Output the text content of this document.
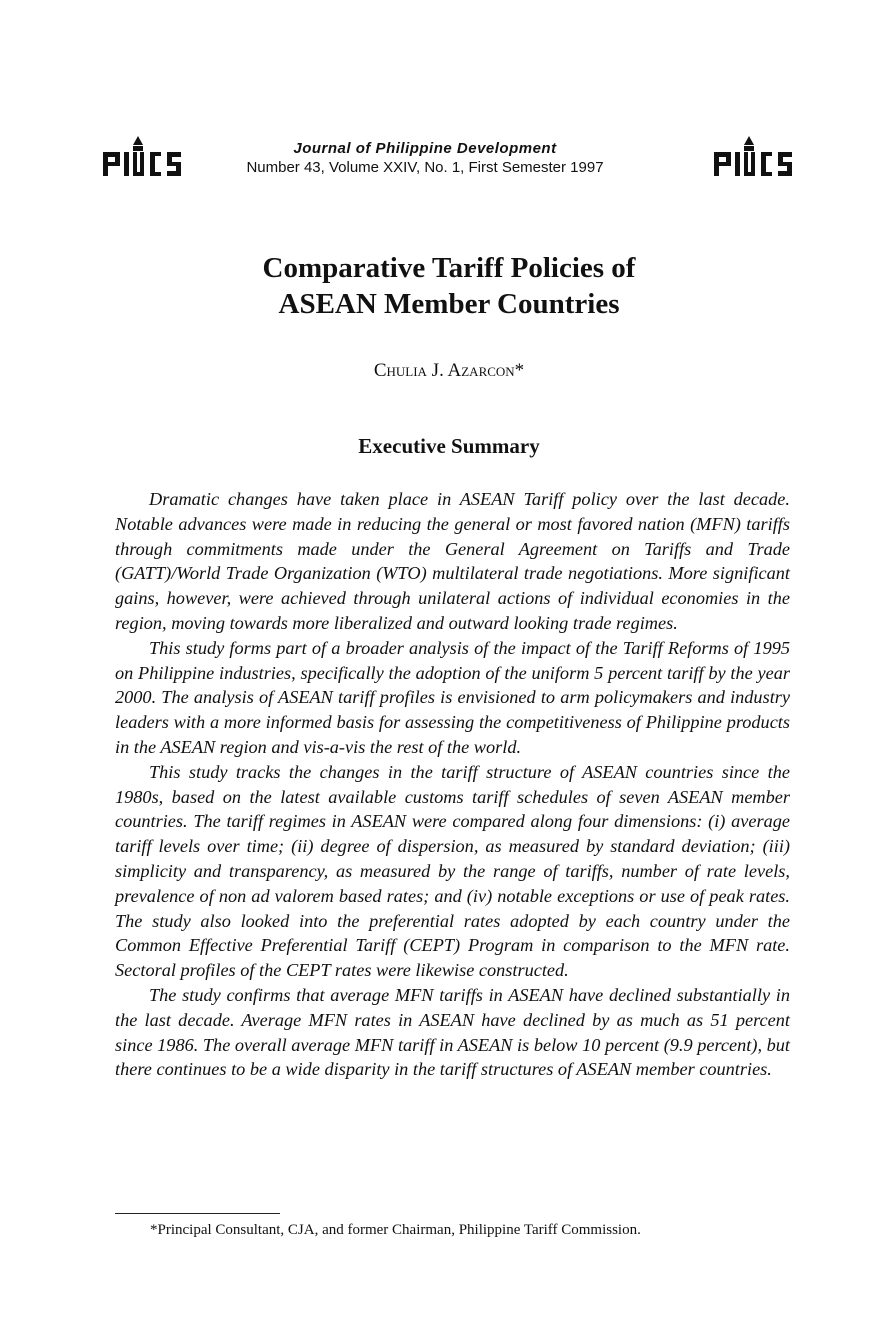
Journal of Philippine Development
Number 43, Volume XXIV, No. 1, First Semester 1997
Comparative Tariff Policies of
ASEAN Member Countries
Chulia J. Azarcon*
Executive Summary

Dramatic changes have taken place in ASEAN Tariff policy over the last decade. Notable advances were made in reducing the general or most favored nation (MFN) tariffs through commitments made under the General Agreement on Tariffs and Trade (GATT)/World Trade Organization (WTO) multilateral trade negotiations. More significant gains, however, were achieved through unilateral actions of individual economies in the region, moving towards more liberalized and outward looking trade regimes.

This study forms part of a broader analysis of the impact of the Tariff Reforms of 1995 on Philippine industries, specifically the adoption of the uniform 5 percent tariff by the year 2000. The analysis of ASEAN tariff profiles is envisioned to arm policymakers and industry leaders with a more informed basis for assessing the competitiveness of Philippine products in the ASEAN region and vis-a-vis the rest of the world.

This study tracks the changes in the tariff structure of ASEAN countries since the 1980s, based on the latest available customs tariff schedules of seven ASEAN member countries. The tariff regimes in ASEAN were compared along four dimensions: (i) average tariff levels over time; (ii) degree of dispersion, as measured by standard deviation; (iii) simplicity and transparency, as measured by the range of tariffs, number of rate levels, prevalence of non ad valorem based rates; and (iv) notable exceptions or use of peak rates. The study also looked into the preferential rates adopted by each country under the Common Effective Preferential Tariff (CEPT) Program in comparison to the MFN rate. Sectoral profiles of the CEPT rates were likewise constructed.

The study confirms that average MFN tariffs in ASEAN have declined substantially in the last decade. Average MFN rates in ASEAN have declined by as much as 51 percent since 1986. The overall average MFN tariff in ASEAN is below 10 percent (9.9 percent), but there continues to be a wide disparity in the tariff structures of ASEAN member countries.

*Principal Consultant, CJA, and former Chairman, Philippine Tariff Commission.
